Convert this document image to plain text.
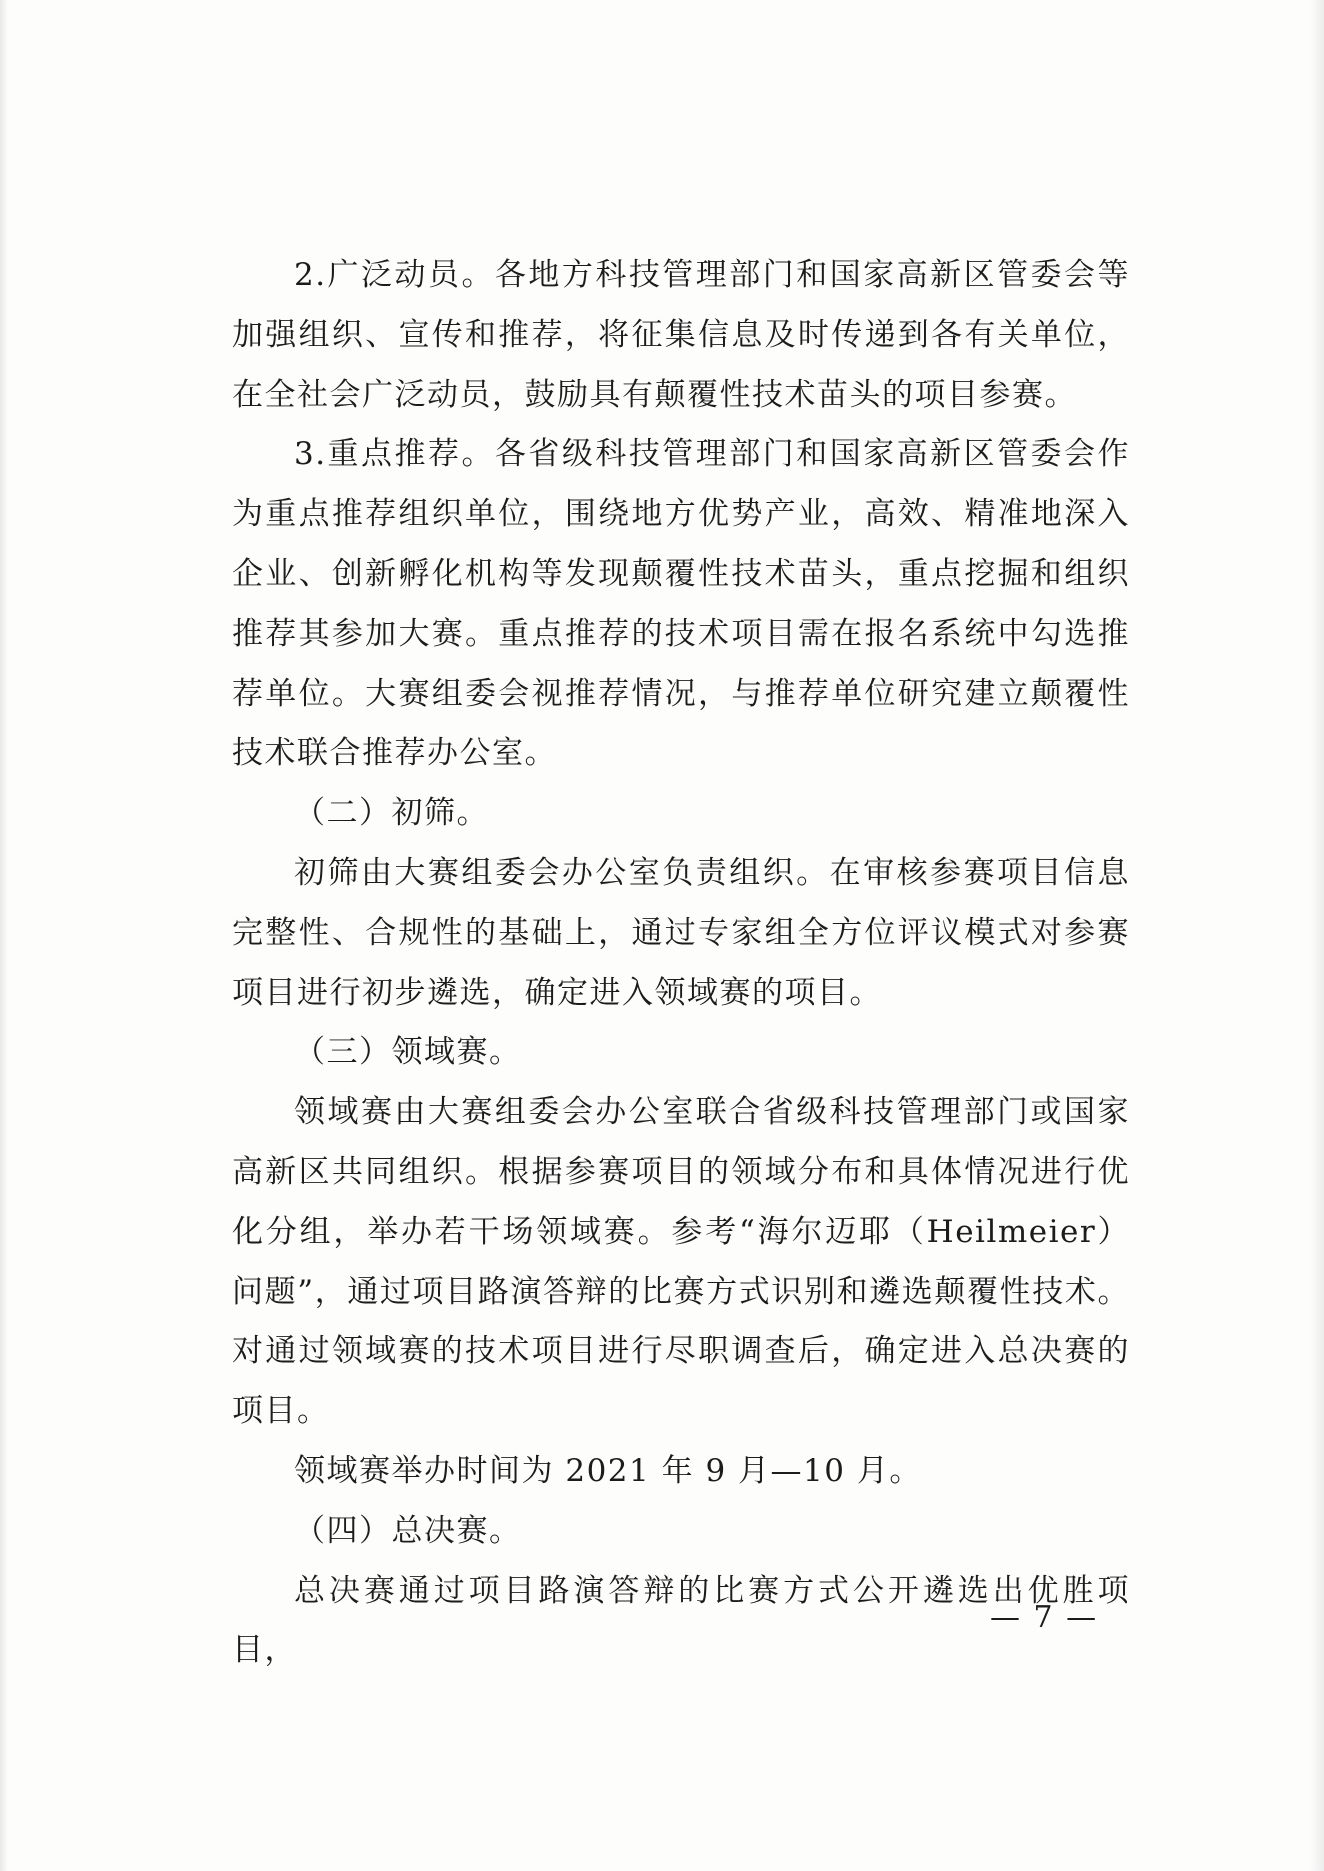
2.广泛动员。各地方科技管理部门和国家高新区管委会等加强组织、宣传和推荐，将征集信息及时传递到各有关单位，在全社会广泛动员，鼓励具有颠覆性技术苗头的项目参赛。

3.重点推荐。各省级科技管理部门和国家高新区管委会作为重点推荐组织单位，围绕地方优势产业，高效、精准地深入企业、创新孵化机构等发现颠覆性技术苗头，重点挖掘和组织推荐其参加大赛。重点推荐的技术项目需在报名系统中勾选推荐单位。大赛组委会视推荐情况，与推荐单位研究建立颠覆性技术联合推荐办公室。

（二）初筛。

初筛由大赛组委会办公室负责组织。在审核参赛项目信息完整性、合规性的基础上，通过专家组全方位评议模式对参赛项目进行初步遴选，确定进入领域赛的项目。

（三）领域赛。

领域赛由大赛组委会办公室联合省级科技管理部门或国家高新区共同组织。根据参赛项目的领域分布和具体情况进行优化分组，举办若干场领域赛。参考“海尔迈耶（Heilmeier）问题”，通过项目路演答辩的比赛方式识别和遴选颠覆性技术。对通过领域赛的技术项目进行尽职调查后，确定进入总决赛的项目。

领域赛举办时间为 2021 年 9 月—10 月。

（四）总决赛。

总决赛通过项目路演答辩的比赛方式公开遴选出优胜项目，

— 7 —
